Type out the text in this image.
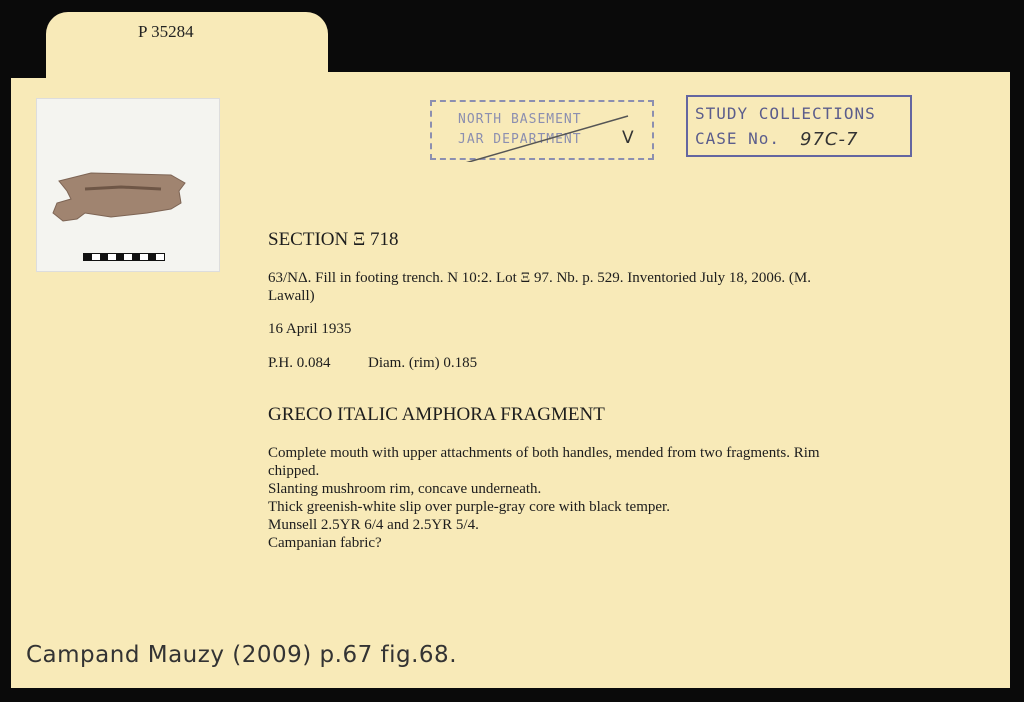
P 35284
NORTH BASEMENT
JAR DEPARTMENT V
STUDY COLLECTIONS
CASE No. 97C-7
SECTION Ξ 718
63/NΔ. Fill in footing trench. N 10:2. Lot Ξ 97. Nb. p. 529. Inventoried July 18, 2006. (M.
Lawall)
16 April 1935
P.H. 0.084 Diam. (rim) 0.185
GRECO ITALIC AMPHORA FRAGMENT
Complete mouth with upper attachments of both handles, mended from two fragments. Rim
chipped.
Slanting mushroom rim, concave underneath.
Thick greenish-white slip over purple-gray core with black temper.
Munsell 2.5YR 6/4 and 2.5YR 5/4.
Campanian fabric?
Campand Mauzy (2009) p.67 fig.68.
